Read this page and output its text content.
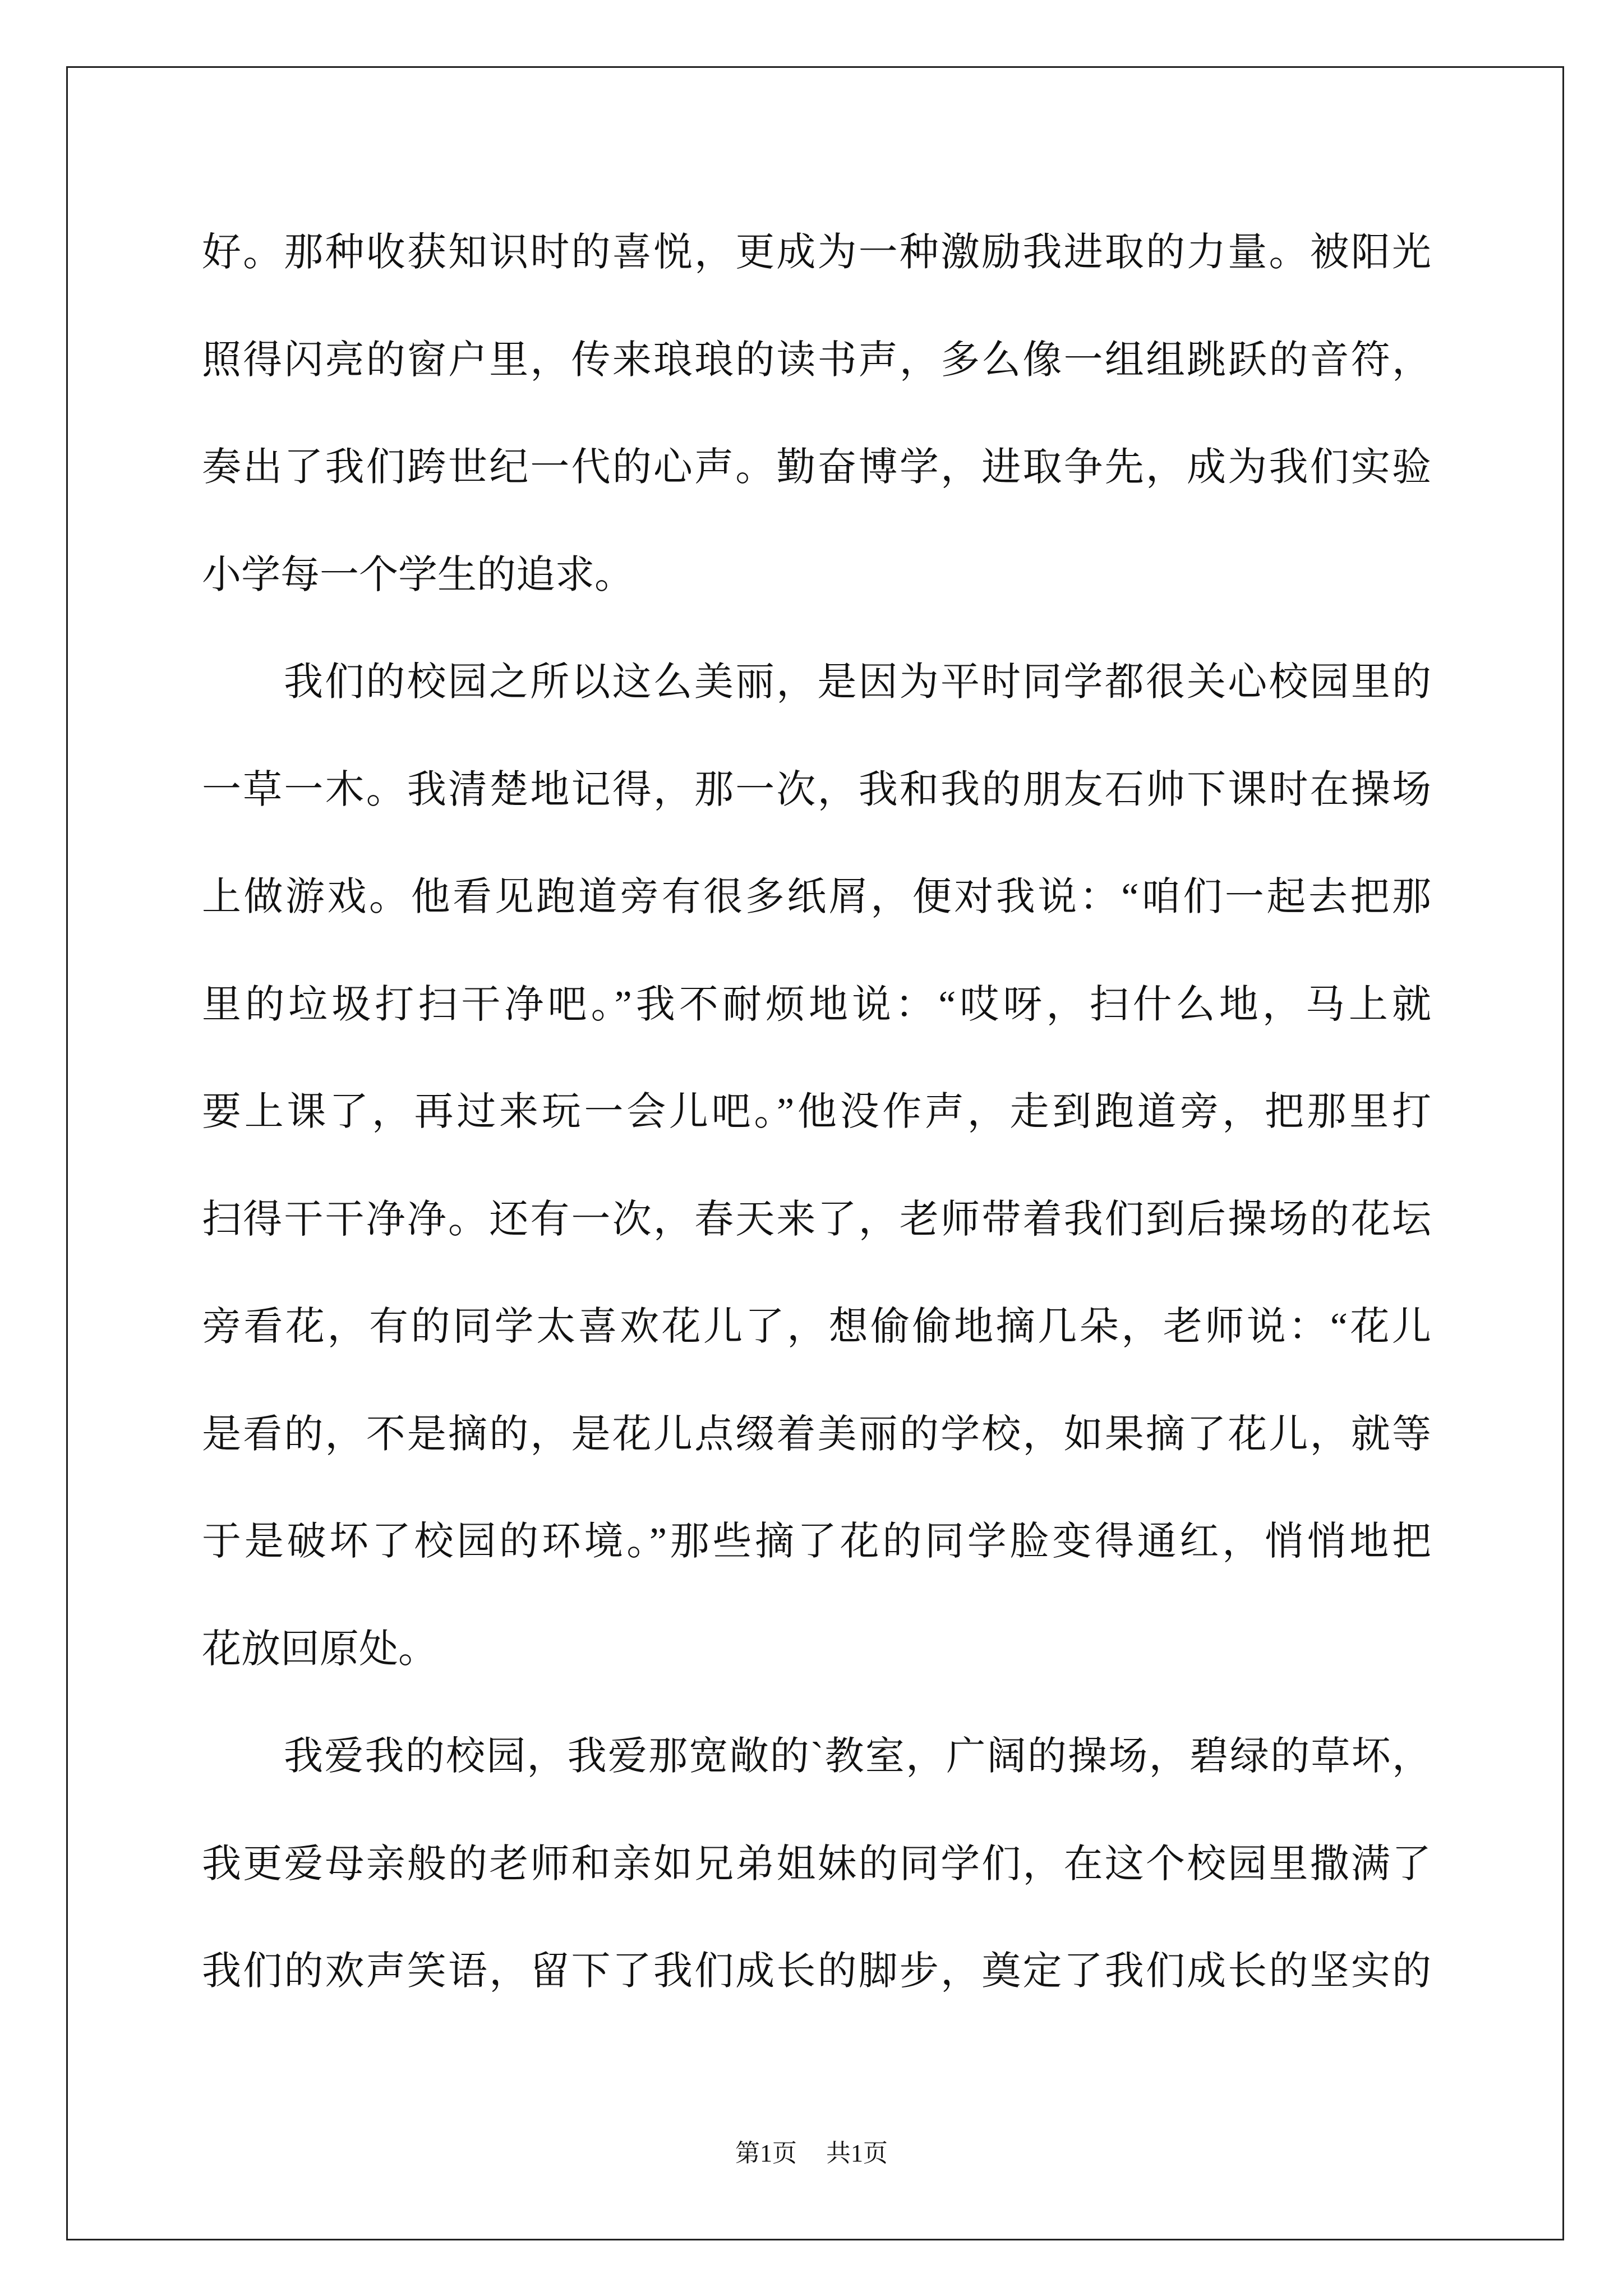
好。那种收获知识时的喜悦，更成为一种激励我进取的力量。被阳光
照得闪亮的窗户里，传来琅琅的读书声，多么像一组组跳跃的音符，
奏出了我们跨世纪一代的心声。勤奋博学，进取争先，成为我们实验
小学每一个学生的追求。
我们的校园之所以这么美丽，是因为平时同学都很关心校园里的
一草一木。我清楚地记得，那一次，我和我的朋友石帅下课时在操场
上做游戏。他看见跑道旁有很多纸屑，便对我说：“咱们一起去把那
里的垃圾打扫干净吧。”我不耐烦地说：“哎呀，扫什么地，马上就
要上课了，再过来玩一会儿吧。”他没作声，走到跑道旁，把那里打
扫得干干净净。还有一次，春天来了，老师带着我们到后操场的花坛
旁看花，有的同学太喜欢花儿了，想偷偷地摘几朵，老师说：“花儿
是看的，不是摘的，是花儿点缀着美丽的学校，如果摘了花儿，就等
于是破坏了校园的环境。”那些摘了花的同学脸变得通红，悄悄地把
花放回原处。
我爱我的校园，我爱那宽敞的`教室，广阔的操场，碧绿的草坏，
我更爱母亲般的老师和亲如兄弟姐妹的同学们，在这个校园里撒满了
我们的欢声笑语，留下了我们成长的脚步，奠定了我们成长的坚实的
第1页 共1页
